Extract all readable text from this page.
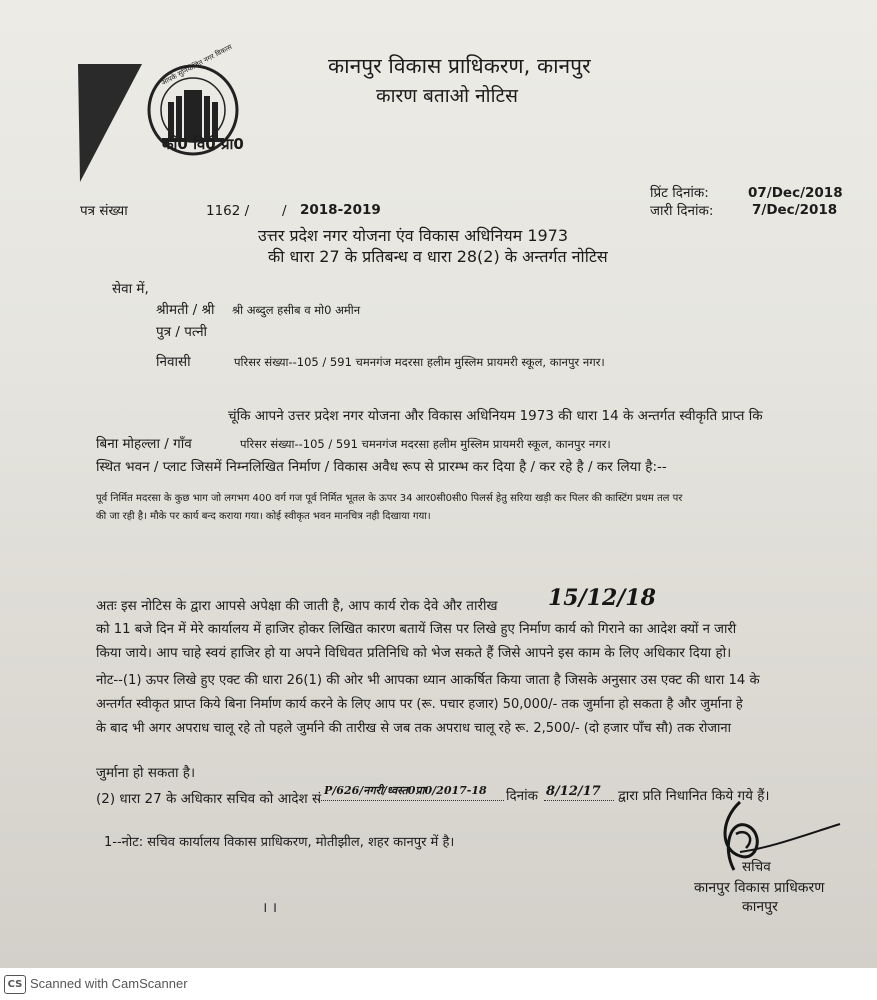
आपके सुनियोजित नगर विकास
का0 वि0 प्रा0
कानपुर विकास प्राधिकरण, कानपुर
कारण बताओ नोटिस
पत्र संख्या	1162 / / 2018-2019
प्रिंट दिनांक:	07/Dec/2018
जारी दिनांक:	7/Dec/2018
उत्तर प्रदेश नगर योजना एंव विकास अधिनियम 1973
की धारा 27 के प्रतिबन्ध व धारा 28(2) के अन्तर्गत नोटिस
सेवा में,
श्रीमती / श्री श्री अब्दुल हसीब व मो0 अमीन
पुत्र / पत्नी
निवासी	परिसर संख्या--105 / 591 चमनगंज मदरसा हलीम मुस्लिम प्रायमरी स्कूल, कानपुर नगर।
चूंकि आपने उत्तर प्रदेश नगर योजना और विकास अधिनियम 1973 की धारा 14 के अन्तर्गत स्वीकृति प्राप्त कि
बिना मोहल्ला / गाँव	परिसर संख्या--105 / 591 चमनगंज मदरसा हलीम मुस्लिम प्रायमरी स्कूल, कानपुर नगर।
स्थित भवन / प्लाट जिसमें निम्नलिखित निर्माण / विकास अवैध रूप से प्रारम्भ कर दिया है / कर रहे है / कर लिया है:--
पूर्व निर्मित मदरसा के कुछ भाग जो लगभग 400 वर्ग गज पूर्व निर्मित भूतल के ऊपर 34 आर0सी0सी0 पिलर्स हेतु सरिया खड़ी कर पिलर की कास्टिंग प्रथम तल पर
की जा रही है। मौके पर कार्य बन्द कराया गया। कोई स्वीकृत भवन मानचित्र नही दिखाया गया।
अतः इस नोटिस के द्वारा आपसे अपेक्षा की जाती है, आप कार्य रोक देवे और तारीख 15/12/18
को 11 बजे दिन में मेरे कार्यालय में हाजिर होकर लिखित कारण बतायें जिस पर लिखे हुए निर्माण कार्य को गिराने का आदेश क्यों न जारी
किया जाये। आप चाहे स्वयं हाजिर हो या अपने विधिवत प्रतिनिधि को भेज सकते हैं जिसे आपने इस काम के लिए अधिकार दिया हो।
नोट--(1) ऊपर लिखे हुए एक्ट की धारा 26(1) की ओर भी आपका ध्यान आकर्षित किया जाता है जिसके अनुसार उस एक्ट की धारा 14 के
अन्तर्गत स्वीकृत प्राप्त किये बिना निर्माण कार्य करने के लिए आप पर (रू. पचार हजार) 50,000/- तक जुर्माना हो सकता है और जुर्माना हे
के बाद भी अगर अपराध चालू रहे तो पहले जुर्माने की तारीख से जब तक अपराध चालू रहे रू. 2,500/- (दो हजार पाँच सौ) तक रोजाना
जुर्माना हो सकता है।
(2) धारा 27 के अधिकार सचिव को आदेश सं
P/626/नगरी/ध्वस्त0प्रा0/2017-18 दिनांक 8/12/17 द्वारा प्रति निधानित किये गये हैं।
1--नोट: सचिव कार्यालय विकास प्राधिकरण, मोतीझील, शहर कानपुर में है।
सचिव
कानपुर विकास प्राधिकरण
कानपुर
। ।
CS Scanned with CamScanner
